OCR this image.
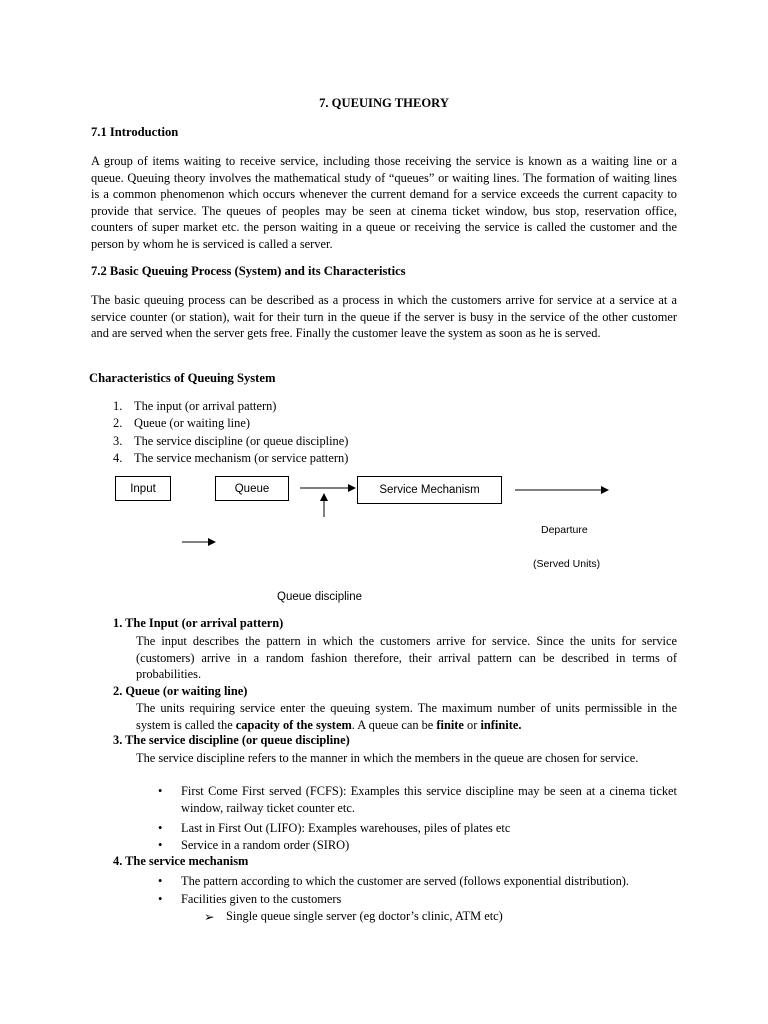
7. QUEUING THEORY
7.1 Introduction
A group of items waiting to receive service, including those receiving the service is known as a waiting line or a queue. Queuing theory involves the mathematical study of “queues” or waiting lines. The formation of waiting lines is a common phenomenon which occurs whenever the current demand for a service exceeds the current capacity to provide that service. The queues of peoples may be seen at cinema ticket window, bus stop, reservation office, counters of super market etc. the person waiting in a queue or receiving the service is called the customer and the person by whom he is serviced is called a server.
7.2 Basic Queuing Process (System) and its Characteristics
The basic queuing process can be described as a process in which the customers arrive for service at a service at a service counter (or station), wait for their turn in the queue if the server is busy in the service of the other customer and are served when the server gets free. Finally the customer leave the system as soon as he is served.
Characteristics of Queuing System
1. The input (or arrival pattern)
2. Queue (or waiting line)
3. The service discipline (or queue discipline)
4. The service mechanism (or service pattern)
Input	Queue	Service Mechanism
Departure
(Served Units)
Queue discipline
1. The Input (or arrival pattern)
The input describes the pattern in which the customers arrive for service. Since the units for service (customers) arrive in a random fashion therefore, their arrival pattern can be described in terms of probabilities.
2. Queue (or waiting line)
The units requiring service enter the queuing system. The maximum number of units permissible in the system is called the capacity of the system. A queue can be finite or infinite.
3. The service discipline (or queue discipline)
The service discipline refers to the manner in which the members in the queue are chosen for service.
•	First Come First served (FCFS): Examples this service discipline may be seen at a cinema ticket window, railway ticket counter etc.
•	Last in First Out (LIFO): Examples warehouses, piles of plates etc
•	Service in a random order (SIRO)
4. The service mechanism
•	The pattern according to which the customer are served (follows exponential distribution).
•	Facilities given to the customers
➢ Single queue single server (eg doctor’s clinic, ATM etc)
